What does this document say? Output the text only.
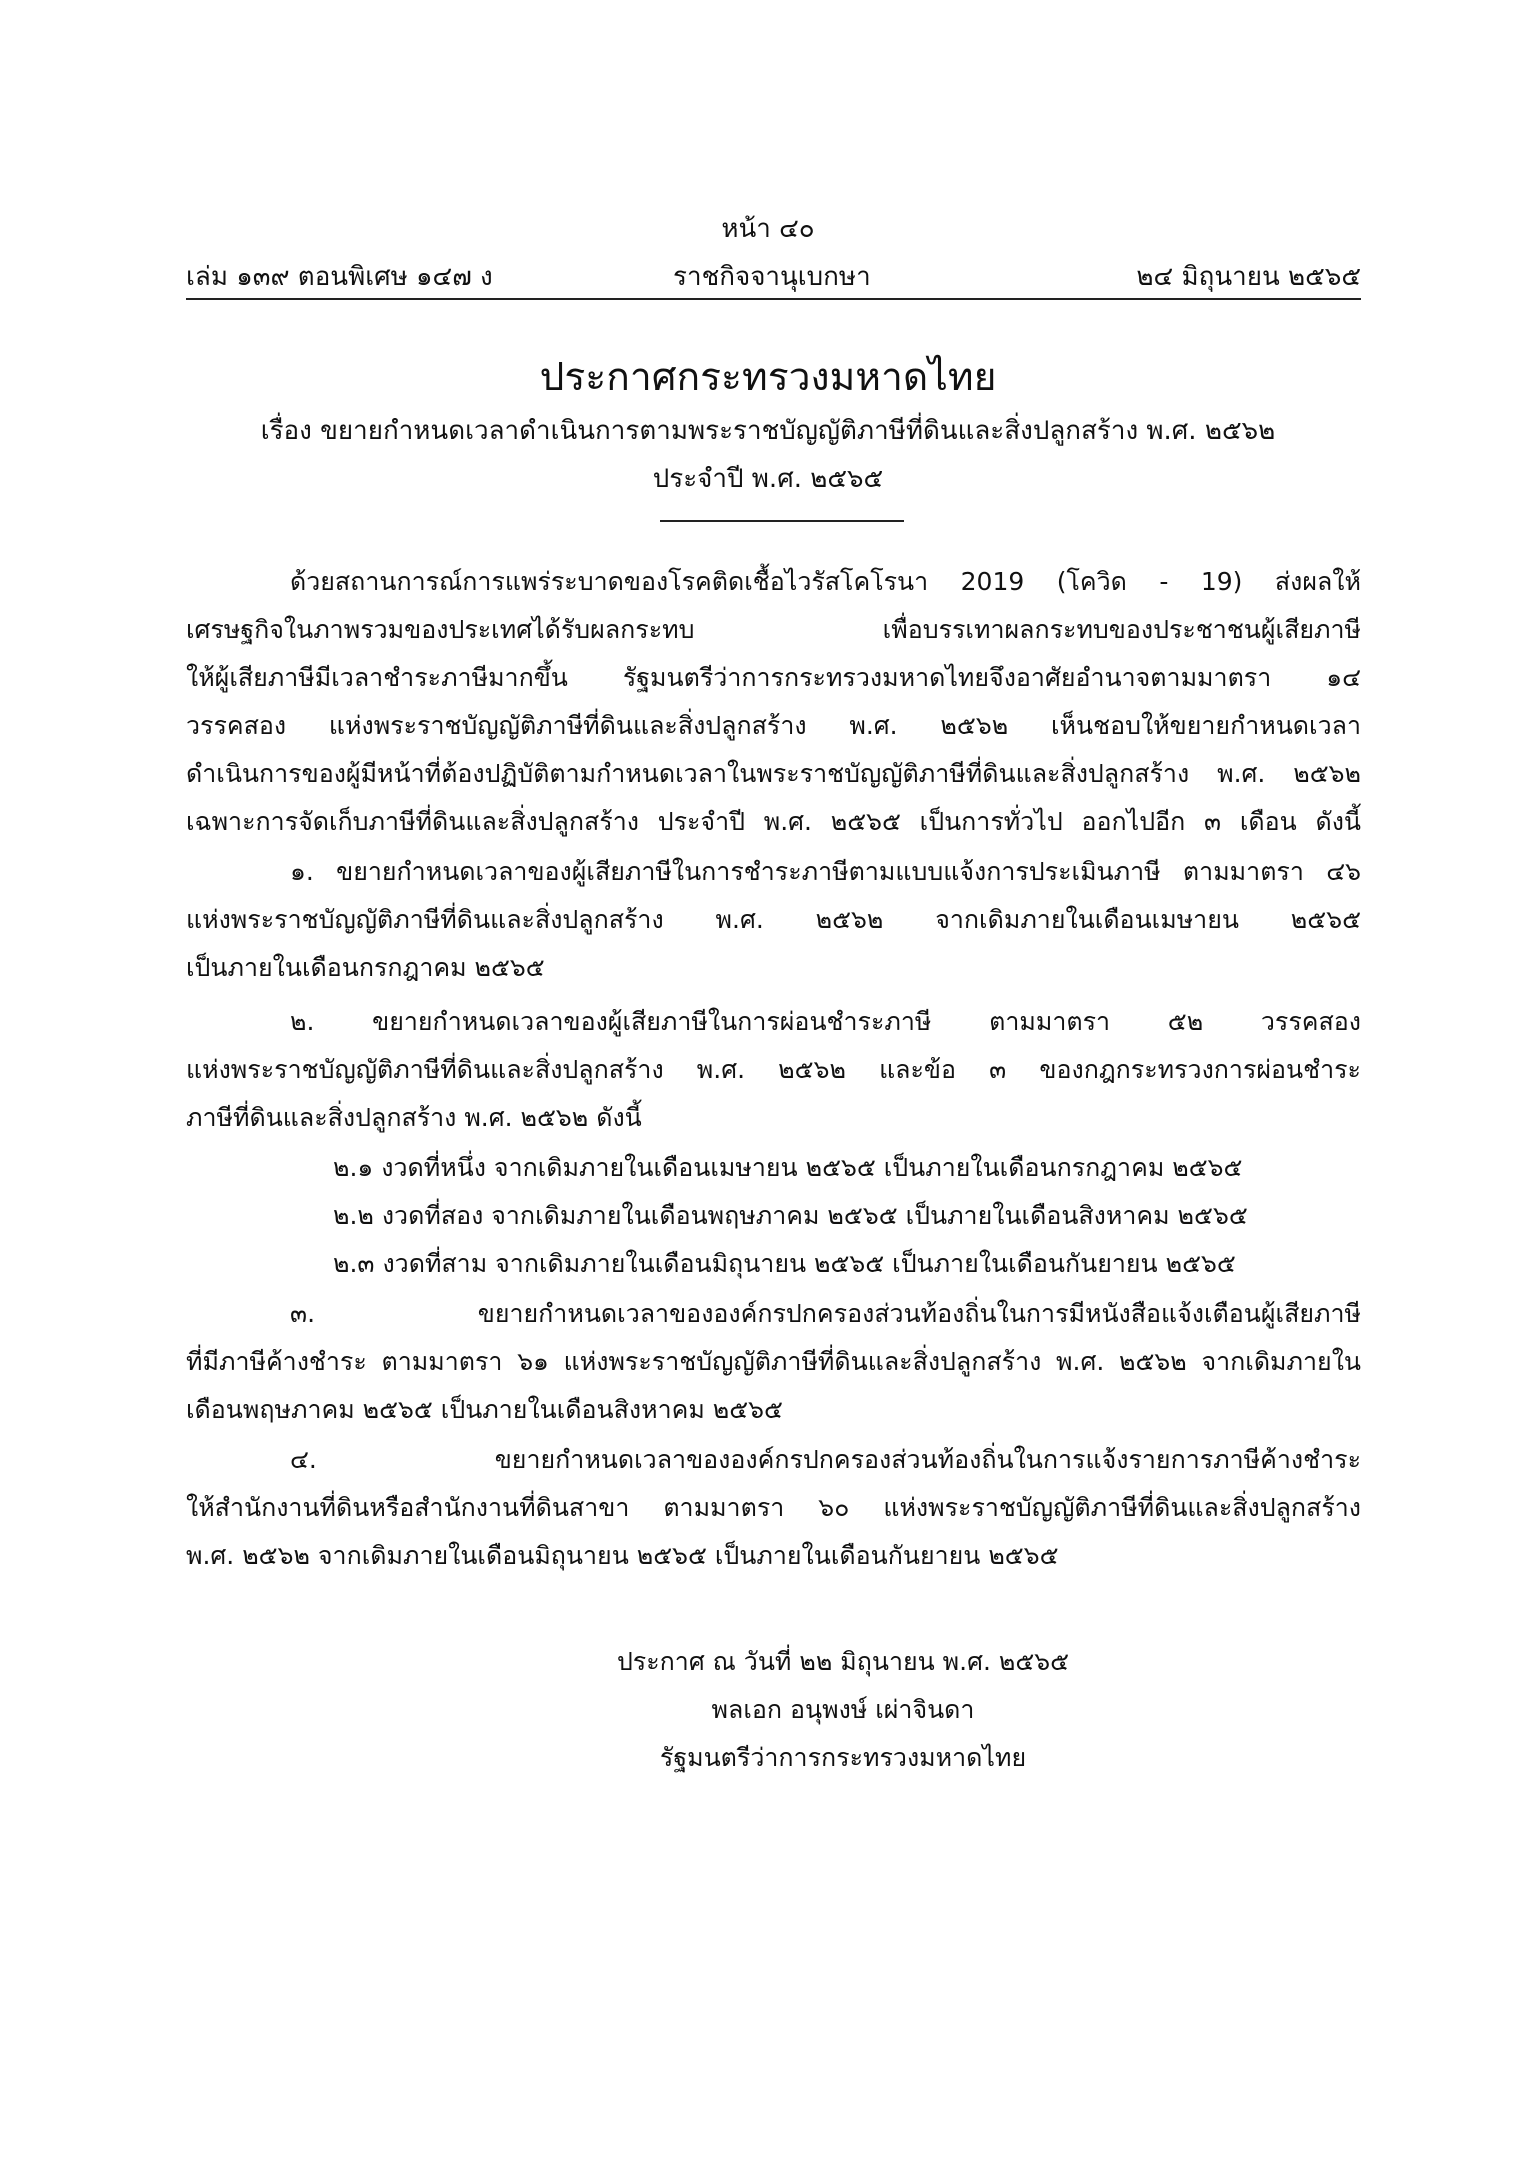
หน้า ๔๐
เล่ม ๑๓๙ ตอนพิเศษ ๑๔๗ ง	ราชกิจจานุเบกษา	๒๔ มิถุนายน ๒๕๖๕
ประกาศกระทรวงมหาดไทย
เรื่อง ขยายกำหนดเวลาดำเนินการตามพระราชบัญญัติภาษีที่ดินและสิ่งปลูกสร้าง พ.ศ. ๒๕๖๒
ประจำปี พ.ศ. ๒๕๖๕
ด้วยสถานการณ์การแพร่ระบาดของโรคติดเชื้อไวรัสโคโรนา 2019 (โควิด - 19) ส่งผลให้
เศรษฐกิจในภาพรวมของประเทศได้รับผลกระทบ เพื่อบรรเทาผลกระทบของประชาชนผู้เสียภาษี
ให้ผู้เสียภาษีมีเวลาชำระภาษีมากขึ้น รัฐมนตรีว่าการกระทรวงมหาดไทยจึงอาศัยอำนาจตามมาตรา ๑๔
วรรคสอง แห่งพระราชบัญญัติภาษีที่ดินและสิ่งปลูกสร้าง พ.ศ. ๒๕๖๒ เห็นชอบให้ขยายกำหนดเวลา
ดำเนินการของผู้มีหน้าที่ต้องปฏิบัติตามกำหนดเวลาในพระราชบัญญัติภาษีที่ดินและสิ่งปลูกสร้าง พ.ศ. ๒๕๖๒
เฉพาะการจัดเก็บภาษีที่ดินและสิ่งปลูกสร้าง ประจำปี พ.ศ. ๒๕๖๕ เป็นการทั่วไป ออกไปอีก ๓ เดือน ดังนี้
๑. ขยายกำหนดเวลาของผู้เสียภาษีในการชำระภาษีตามแบบแจ้งการประเมินภาษี ตามมาตรา ๔๖
แห่งพระราชบัญญัติภาษีที่ดินและสิ่งปลูกสร้าง พ.ศ. ๒๕๖๒ จากเดิมภายในเดือนเมษายน ๒๕๖๕
เป็นภายในเดือนกรกฎาคม ๒๕๖๕
๒. ขยายกำหนดเวลาของผู้เสียภาษีในการผ่อนชำระภาษี ตามมาตรา ๕๒ วรรคสอง
แห่งพระราชบัญญัติภาษีที่ดินและสิ่งปลูกสร้าง พ.ศ. ๒๕๖๒ และข้อ ๓ ของกฎกระทรวงการผ่อนชำระ
ภาษีที่ดินและสิ่งปลูกสร้าง พ.ศ. ๒๕๖๒ ดังนี้
๒.๑ งวดที่หนึ่ง จากเดิมภายในเดือนเมษายน ๒๕๖๕ เป็นภายในเดือนกรกฎาคม ๒๕๖๕
๒.๒ งวดที่สอง จากเดิมภายในเดือนพฤษภาคม ๒๕๖๕ เป็นภายในเดือนสิงหาคม ๒๕๖๕
๒.๓ งวดที่สาม จากเดิมภายในเดือนมิถุนายน ๒๕๖๕ เป็นภายในเดือนกันยายน ๒๕๖๕
๓. ขยายกำหนดเวลาขององค์กรปกครองส่วนท้องถิ่นในการมีหนังสือแจ้งเตือนผู้เสียภาษี
ที่มีภาษีค้างชำระ ตามมาตรา ๖๑ แห่งพระราชบัญญัติภาษีที่ดินและสิ่งปลูกสร้าง พ.ศ. ๒๕๖๒ จากเดิมภายใน
เดือนพฤษภาคม ๒๕๖๕ เป็นภายในเดือนสิงหาคม ๒๕๖๕
๔. ขยายกำหนดเวลาขององค์กรปกครองส่วนท้องถิ่นในการแจ้งรายการภาษีค้างชำระ
ให้สำนักงานที่ดินหรือสำนักงานที่ดินสาขา ตามมาตรา ๖๐ แห่งพระราชบัญญัติภาษีที่ดินและสิ่งปลูกสร้าง
พ.ศ. ๒๕๖๒ จากเดิมภายในเดือนมิถุนายน ๒๕๖๕ เป็นภายในเดือนกันยายน ๒๕๖๕
ประกาศ ณ วันที่ ๒๒ มิถุนายน พ.ศ. ๒๕๖๕
พลเอก อนุพงษ์ เผ่าจินดา
รัฐมนตรีว่าการกระทรวงมหาดไทย
